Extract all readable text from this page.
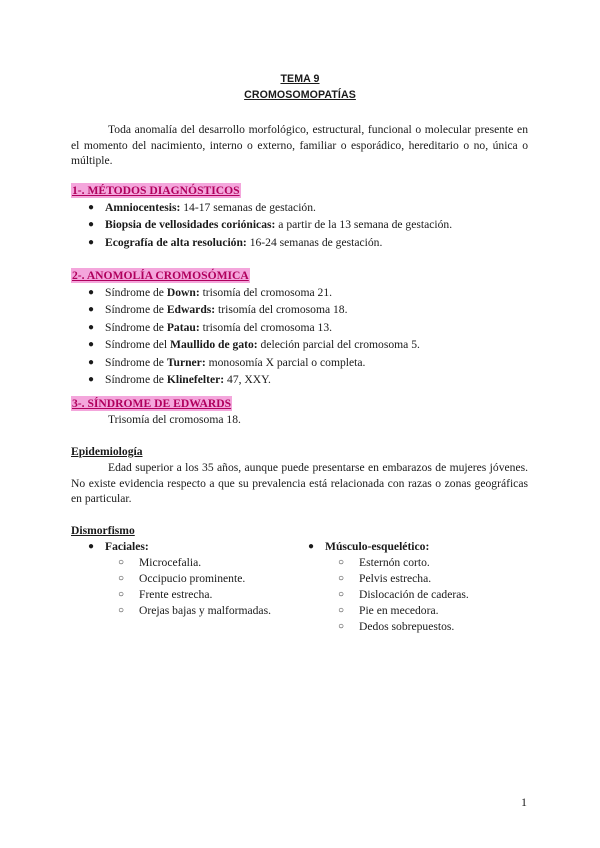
TEMA 9
CROMOSOMOPATÍAS
Toda anomalía del desarrollo morfológico, estructural, funcional o molecular presente en el momento del nacimiento, interno o externo, familiar o esporádico, hereditario o no, única o múltiple.
1-. MÉTODOS DIAGNÓSTICOS
● Amniocentesis: 14-17 semanas de gestación.
● Biopsia de vellosidades coriónicas: a partir de la 13 semana de gestación.
● Ecografía de alta resolución: 16-24 semanas de gestación.
2-. ANOMOLÍA CROMOSÓMICA
● Síndrome de Down: trisomía del cromosoma 21.
● Síndrome de Edwards: trisomía del cromosoma 18.
● Síndrome de Patau: trisomía del cromosoma 13.
● Síndrome del Maullido de gato: deleción parcial del cromosoma 5.
● Síndrome de Turner: monosomía X parcial o completa.
● Síndrome de Klinefelter: 47, XXY.
3-. SÍNDROME DE EDWARDS
Trisomía del cromosoma 18.
Epidemiología
Edad superior a los 35 años, aunque puede presentarse en embarazos de mujeres jóvenes. No existe evidencia respecto a que su prevalencia está relacionada con razas o zonas geográficas en particular.
Dismorfismo
● Faciales:
○ Microcefalia.
○ Occipucio prominente.
○ Frente estrecha.
○ Orejas bajas y malformadas.
● Músculo-esquelético:
○ Esternón corto.
○ Pelvis estrecha.
○ Dislocación de caderas.
○ Pie en mecedora.
○ Dedos sobrepuestos.
1
